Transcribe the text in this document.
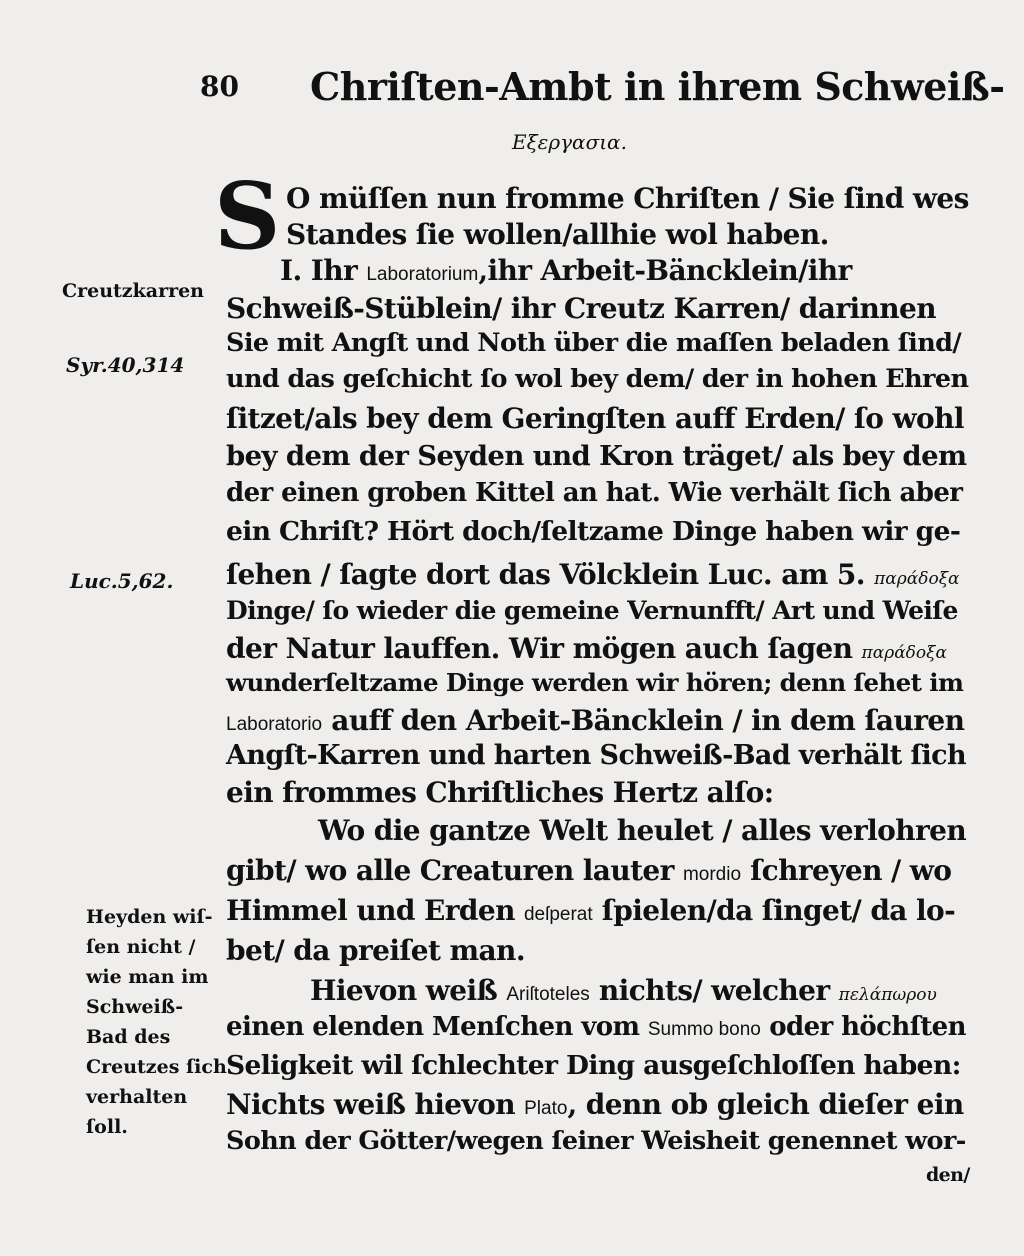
80 Chriſten-Ambt in ihrem Schweiß-
Εξεργασια.
S
Creutzkarren
Syr.40,314
Luc.5,62.
Heyden wiſ-
ſen nicht /
wie man im
Schweiß-
Bad des
Creutzes ſich
verhalten
ſoll.
O müſſen nun fromme Chriſten / Sie ſind wes
Standes ſie wollen/allhie wol haben.
I. Ihr Laboratorium,ihr Arbeit-Bäncklein/ihr
Schweiß-Stüblein/ ihr Creutz Karren/ darinnen
Sie mit Angſt und Noth über die maſſen beladen ſind/
und das geſchicht ſo wol bey dem/ der in hohen Ehren
ſitzet/als bey dem Geringſten auff Erden/ ſo wohl
bey dem der Seyden und Kron träget/ als bey dem
der einen groben Kittel an hat. Wie verhält ſich aber
ein Chriſt? Hört doch/ſeltzame Dinge haben wir ge-
ſehen / ſagte dort das Völcklein Luc. am 5. παράδοξα
Dinge/ ſo wieder die gemeine Vernunfft/ Art und Weiſe
der Natur lauffen. Wir mögen auch ſagen παράδοξα
wunderſeltzame Dinge werden wir hören; denn ſehet im
Laboratorio auff den Arbeit-Bäncklein / in dem ſauren
Angſt-Karren und harten Schweiß-Bad verhält ſich
ein frommes Chriſtliches Hertz alſo:
Wo die gantze Welt heulet / alles verlohren
gibt/ wo alle Creaturen lauter mordio ſchreyen / wo
Himmel und Erden deſperat ſpielen/da ſinget/ da lo-
bet/ da preiſet man.
Hievon weiß Ariſtoteles nichts/ welcher πελάπωρου
einen elenden Menſchen vom Summo bono oder höchſten
Seligkeit wil ſchlechter Ding ausgeſchloſſen haben:
Nichts weiß hievon Plato, denn ob gleich dieſer ein
Sohn der Götter/wegen ſeiner Weisheit genennet wor-
den/
